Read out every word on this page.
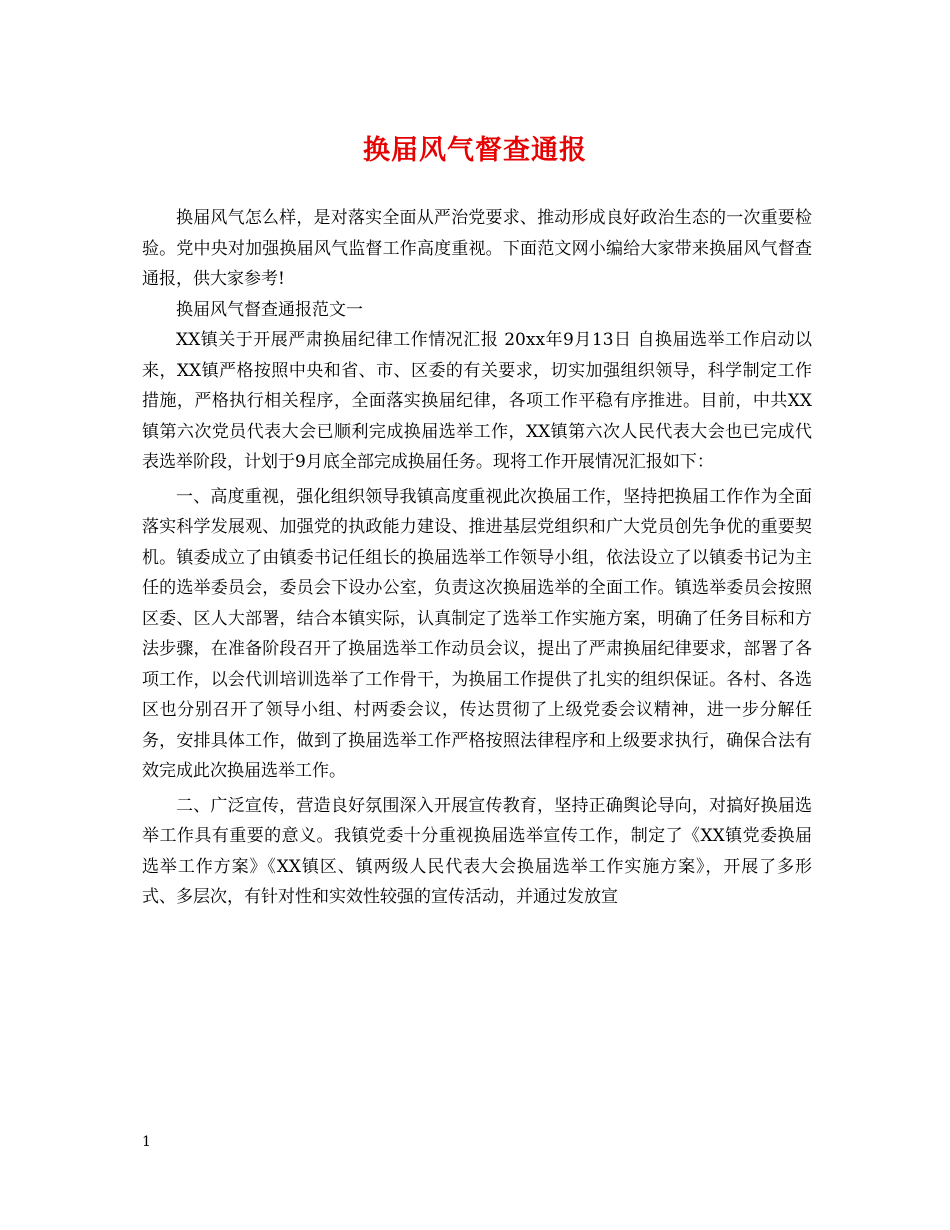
换届风气督查通报

换届风气怎么样，是对落实全面从严治党要求、推动形成良好政治生态的一次重要检验。党中央对加强换届风气监督工作高度重视。下面范文网小编给大家带来换届风气督查通报，供大家参考!

换届风气督查通报范文一

XX镇关于开展严肃换届纪律工作情况汇报 20xx年9月13日 自换届选举工作启动以来，XX镇严格按照中央和省、市、区委的有关要求，切实加强组织领导，科学制定工作措施，严格执行相关程序，全面落实换届纪律，各项工作平稳有序推进。目前，中共XX镇第六次党员代表大会已顺利完成换届选举工作，XX镇第六次人民代表大会也已完成代表选举阶段，计划于9月底全部完成换届任务。现将工作开展情况汇报如下：

一、高度重视，强化组织领导我镇高度重视此次换届工作，坚持把换届工作作为全面落实科学发展观、加强党的执政能力建设、推进基层党组织和广大党员创先争优的重要契机。镇委成立了由镇委书记任组长的换届选举工作领导小组，依法设立了以镇委书记为主任的选举委员会，委员会下设办公室，负责这次换届选举的全面工作。镇选举委员会按照区委、区人大部署，结合本镇实际，认真制定了选举工作实施方案，明确了任务目标和方法步骤，在准备阶段召开了换届选举工作动员会议，提出了严肃换届纪律要求，部署了各项工作，以会代训培训选举了工作骨干，为换届工作提供了扎实的组织保证。各村、各选区也分别召开了领导小组、村两委会议，传达贯彻了上级党委会议精神，进一步分解任务，安排具体工作，做到了换届选举工作严格按照法律程序和上级要求执行，确保合法有效完成此次换届选举工作。

二、广泛宣传，营造良好氛围深入开展宣传教育，坚持正确舆论导向，对搞好换届选举工作具有重要的意义。我镇党委十分重视换届选举宣传工作，制定了《XX镇党委换届选举工作方案》《XX镇区、镇两级人民代表大会换届选举工作实施方案》，开展了多形式、多层次，有针对性和实效性较强的宣传活动，并通过发放宣

1
